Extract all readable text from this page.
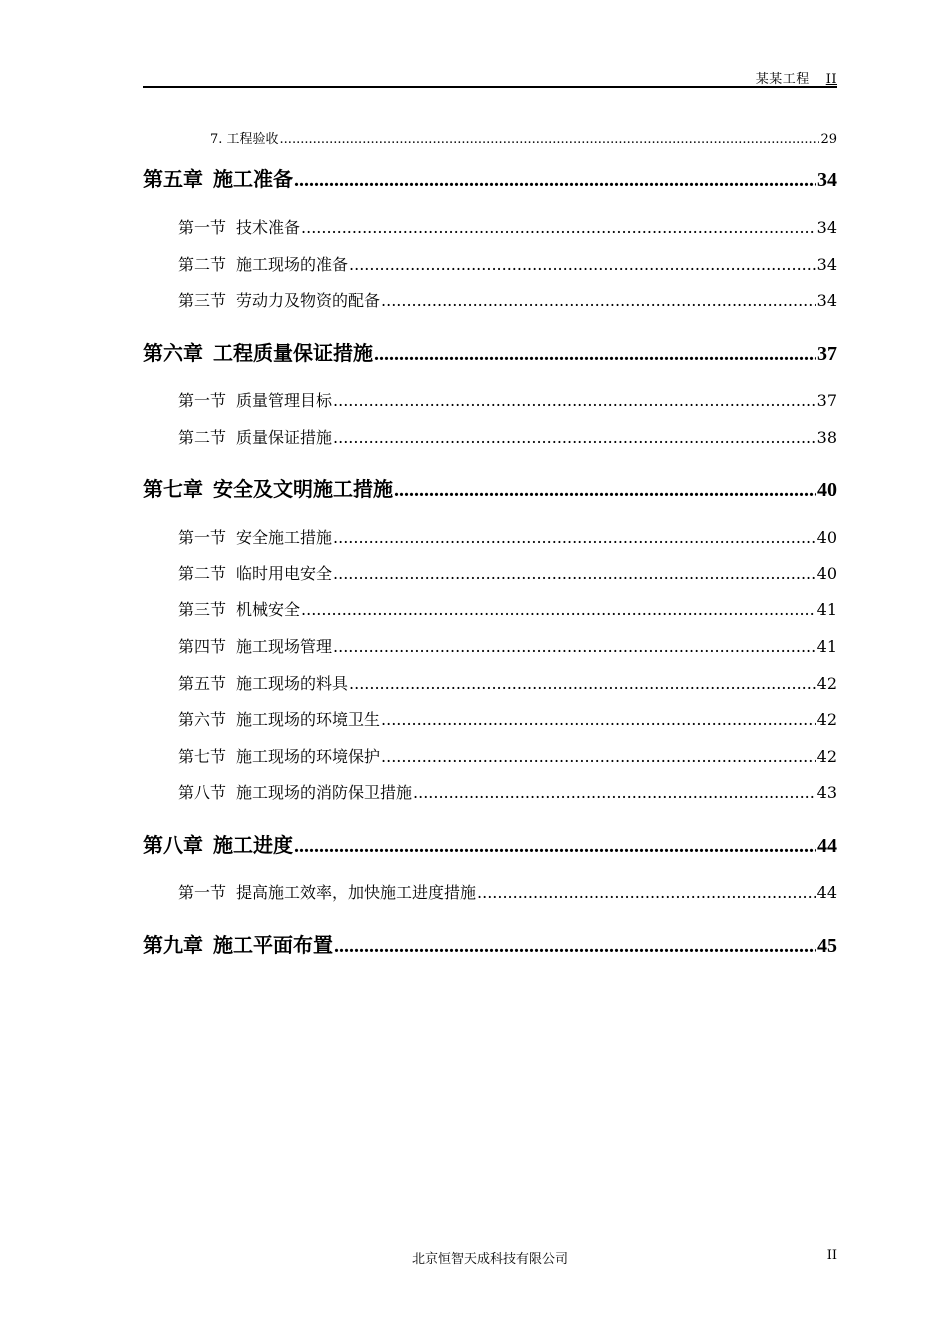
某某工程 II
7. 工程验收 .....	29
第五章 施工准备 .....	34
第一节 技术准备 .....	34
第二节 施工现场的准备 .....	34
第三节 劳动力及物资的配备 .....	34
第六章 工程质量保证措施 .....	37
第一节 质量管理目标 .....	37
第二节 质量保证措施 .....	38
第七章 安全及文明施工措施 .....	40
第一节 安全施工措施 .....	40
第二节 临时用电安全 .....	40
第三节 机械安全 .....	41
第四节 施工现场管理 .....	41
第五节 施工现场的料具 .....	42
第六节 施工现场的环境卫生 .....	42
第七节 施工现场的环境保护 .....	42
第八节 施工现场的消防保卫措施 .....	43
第八章 施工进度 .....	44
第一节 提高施工效率，加快施工进度措施 .....	44
第九章 施工平面布置 .....	45
北京恒智天成科技有限公司	II
